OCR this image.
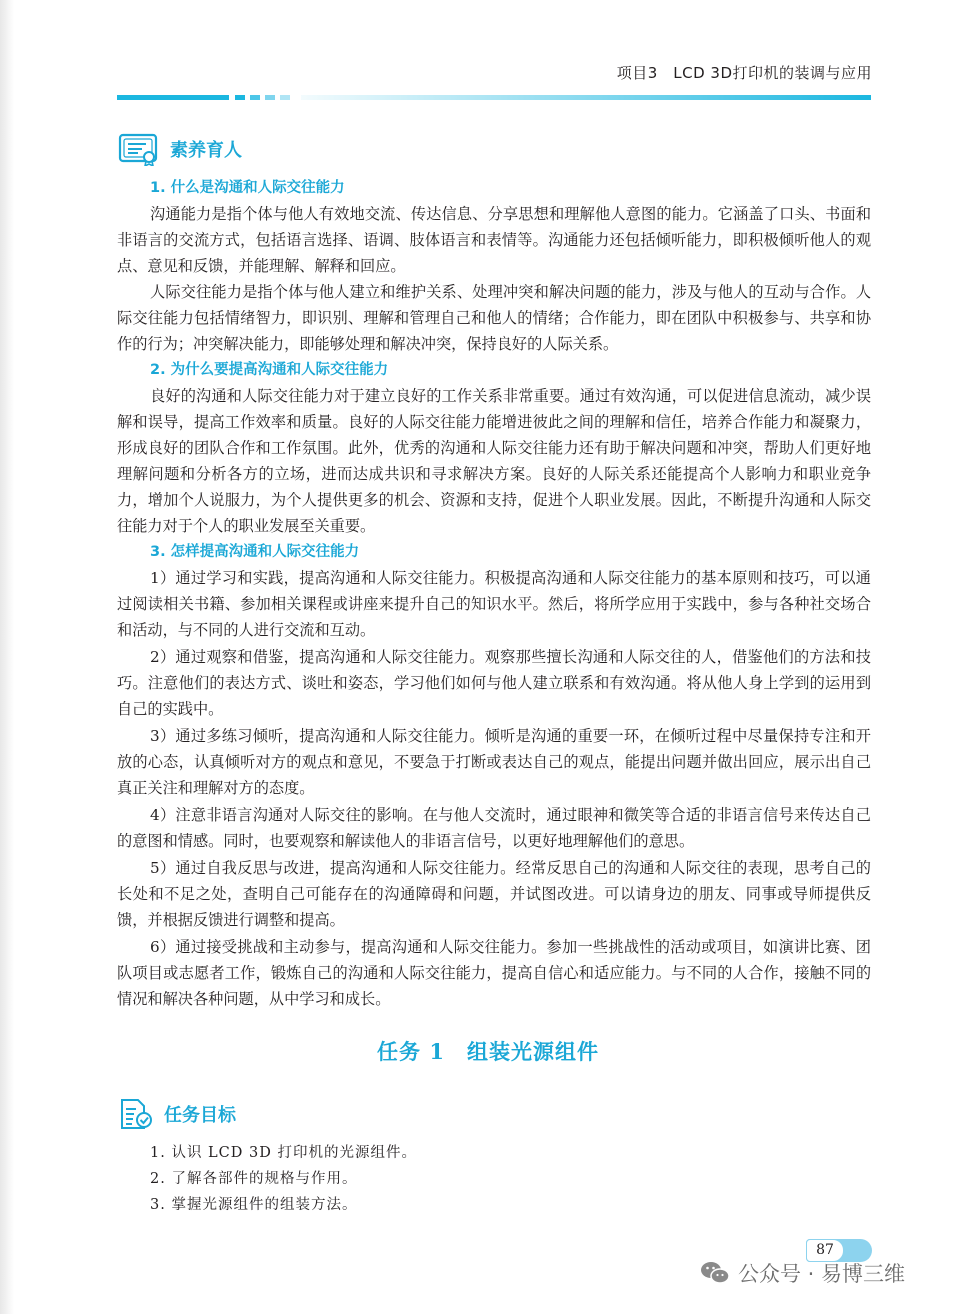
项目3　LCD 3D打印机的装调与应用
素养育人
1. 什么是沟通和人际交往能力

沟通能力是指个体与他人有效地交流、传达信息、分享思想和理解他人意图的能力。它涵盖了口头、书面和非语言的交流方式，包括语言选择、语调、肢体语言和表情等。沟通能力还包括倾听能力，即积极倾听他人的观点、意见和反馈，并能理解、解释和回应。

人际交往能力是指个体与他人建立和维护关系、处理冲突和解决问题的能力，涉及与他人的互动与合作。人际交往能力包括情绪智力，即识别、理解和管理自己和他人的情绪；合作能力，即在团队中积极参与、共享和协作的行为；冲突解决能力，即能够处理和解决冲突，保持良好的人际关系。

2. 为什么要提高沟通和人际交往能力

良好的沟通和人际交往能力对于建立良好的工作关系非常重要。通过有效沟通，可以促进信息流动，减少误解和误导，提高工作效率和质量。良好的人际交往能力能增进彼此之间的理解和信任，培养合作能力和凝聚力，形成良好的团队合作和工作氛围。此外，优秀的沟通和人际交往能力还有助于解决问题和冲突，帮助人们更好地理解问题和分析各方的立场，进而达成共识和寻求解决方案。良好的人际关系还能提高个人影响力和职业竞争力，增加个人说服力，为个人提供更多的机会、资源和支持，促进个人职业发展。因此，不断提升沟通和人际交往能力对于个人的职业发展至关重要。

3. 怎样提高沟通和人际交往能力

1）通过学习和实践，提高沟通和人际交往能力。积极提高沟通和人际交往能力的基本原则和技巧，可以通过阅读相关书籍、参加相关课程或讲座来提升自己的知识水平。然后，将所学应用于实践中，参与各种社交场合和活动，与不同的人进行交流和互动。

2）通过观察和借鉴，提高沟通和人际交往能力。观察那些擅长沟通和人际交往的人，借鉴他们的方法和技巧。注意他们的表达方式、谈吐和姿态，学习他们如何与他人建立联系和有效沟通。将从他人身上学到的运用到自己的实践中。

3）通过多练习倾听，提高沟通和人际交往能力。倾听是沟通的重要一环，在倾听过程中尽量保持专注和开放的心态，认真倾听对方的观点和意见，不要急于打断或表达自己的观点，能提出问题并做出回应，展示出自己真正关注和理解对方的态度。

4）注意非语言沟通对人际交往的影响。在与他人交流时，通过眼神和微笑等合适的非语言信号来传达自己的意图和情感。同时，也要观察和解读他人的非语言信号，以更好地理解他们的意思。

5）通过自我反思与改进，提高沟通和人际交往能力。经常反思自己的沟通和人际交往的表现，思考自己的长处和不足之处，查明自己可能存在的沟通障碍和问题，并试图改进。可以请身边的朋友、同事或导师提供反馈，并根据反馈进行调整和提高。

6）通过接受挑战和主动参与，提高沟通和人际交往能力。参加一些挑战性的活动或项目，如演讲比赛、团队项目或志愿者工作，锻炼自己的沟通和人际交往能力，提高自信心和适应能力。与不同的人合作，接触不同的情况和解决各种问题，从中学习和成长。

任务 1　组装光源组件
任务目标
1. 认识 LCD 3D 打印机的光源组件。
2. 了解各部件的规格与作用。
3. 掌握光源组件的组装方法。
87
公众号 · 易博三维
